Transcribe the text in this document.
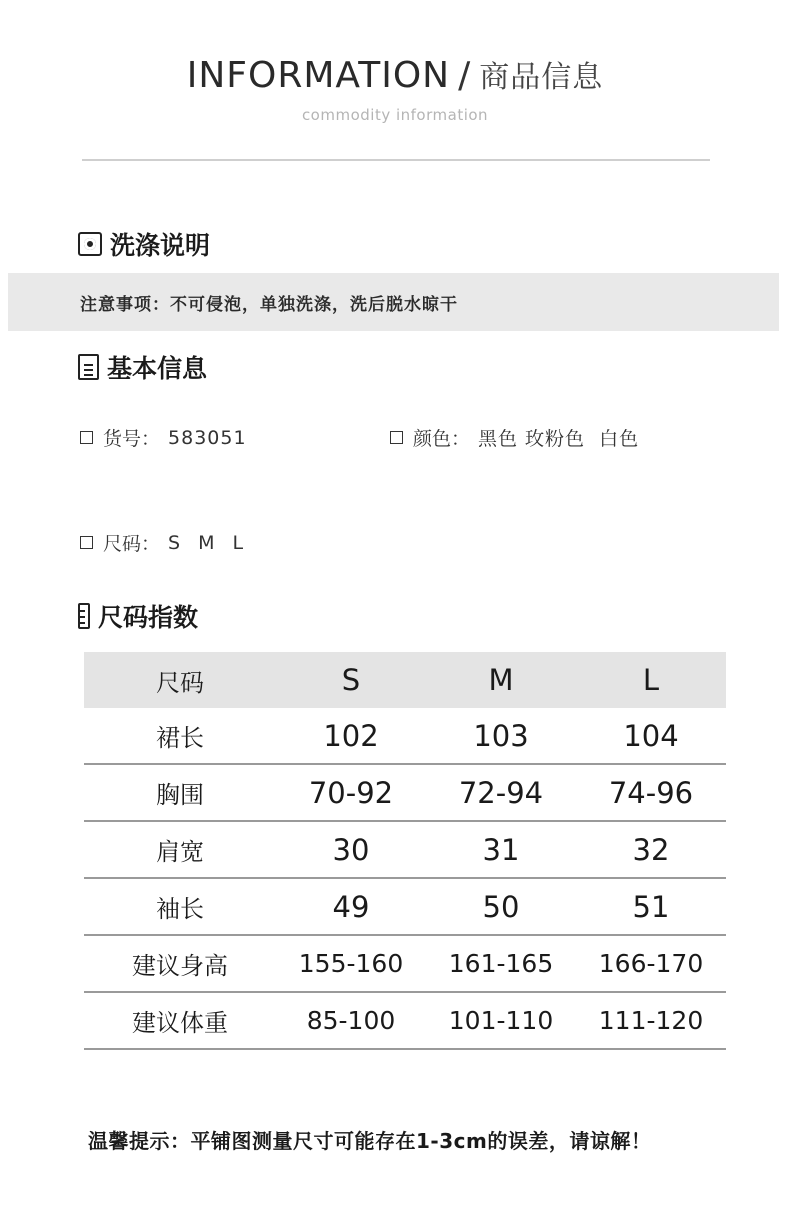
INFORMATION / 商品信息
commodity information
洗涤说明
注意事项：不可侵泡，单独洗涤，洗后脱水晾干
基本信息
货号： 583051	颜色： 黑色 玫粉色  白色
尺码： S M L
尺码指数
尺码	S	M	L
裙长	102	103	104
胸围	70-92	72-94	74-96
肩宽	30	31	32
袖长	49	50	51
建议身高	155-160	161-165	166-170
建议体重	85-100	101-110	111-120
温馨提示：平铺图测量尺寸可能存在1-3cm的误差，请谅解！
